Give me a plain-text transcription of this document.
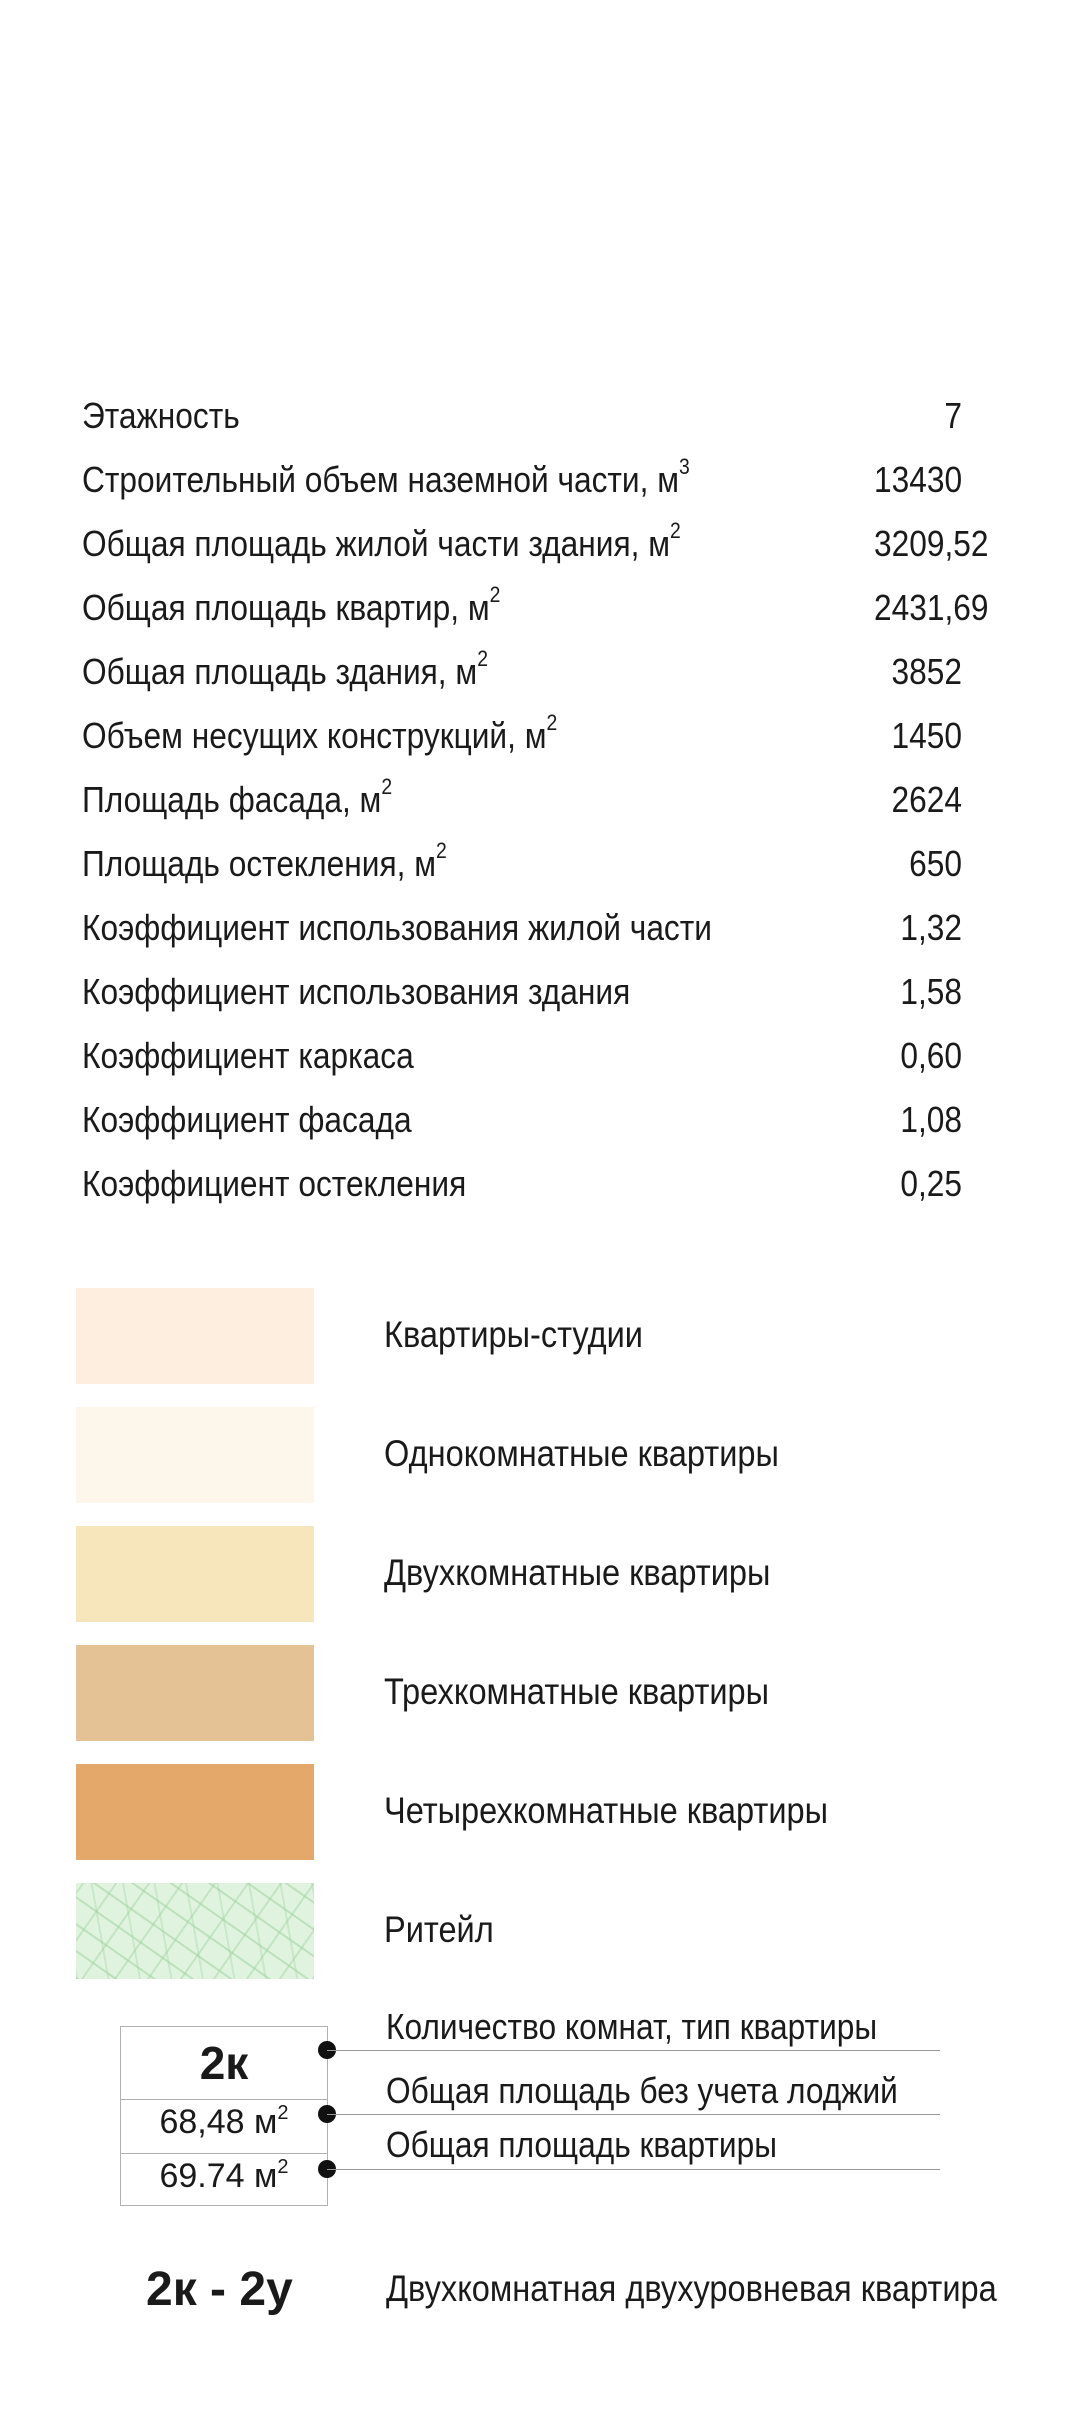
Этажность	7
Строительный объем наземной части, $м^3$	13430
Общая площадь жилой части здания, $м^2$	3209,52
Общая площадь квартир, $м^2$	2431,69
Общая площадь здания, $м^2$	3852
Объем несущих конструкций, $м^2$	1450
Площадь фасада, $м^2$	2624
Площадь остекления, $м^2$	650
Коэффициент использования жилой части	1,32
Коэффициент использования здания	1,58
Коэффициент каркаса	0,60
Коэффициент фасада	1,08
Коэффициент остекления	0,25
Квартиры-студии
Однокомнатные квартиры
Двухкомнатные квартиры
Трехкомнатные квартиры
Четырехкомнатные квартиры
Ритейл
2к
68,48 $м^2$
69.74 $м^2$
Количество комнат, тип квартиры
Общая площадь без учета лоджий
Общая площадь квартиры
2к - 2у	Двухкомнатная двухуровневая квартира
